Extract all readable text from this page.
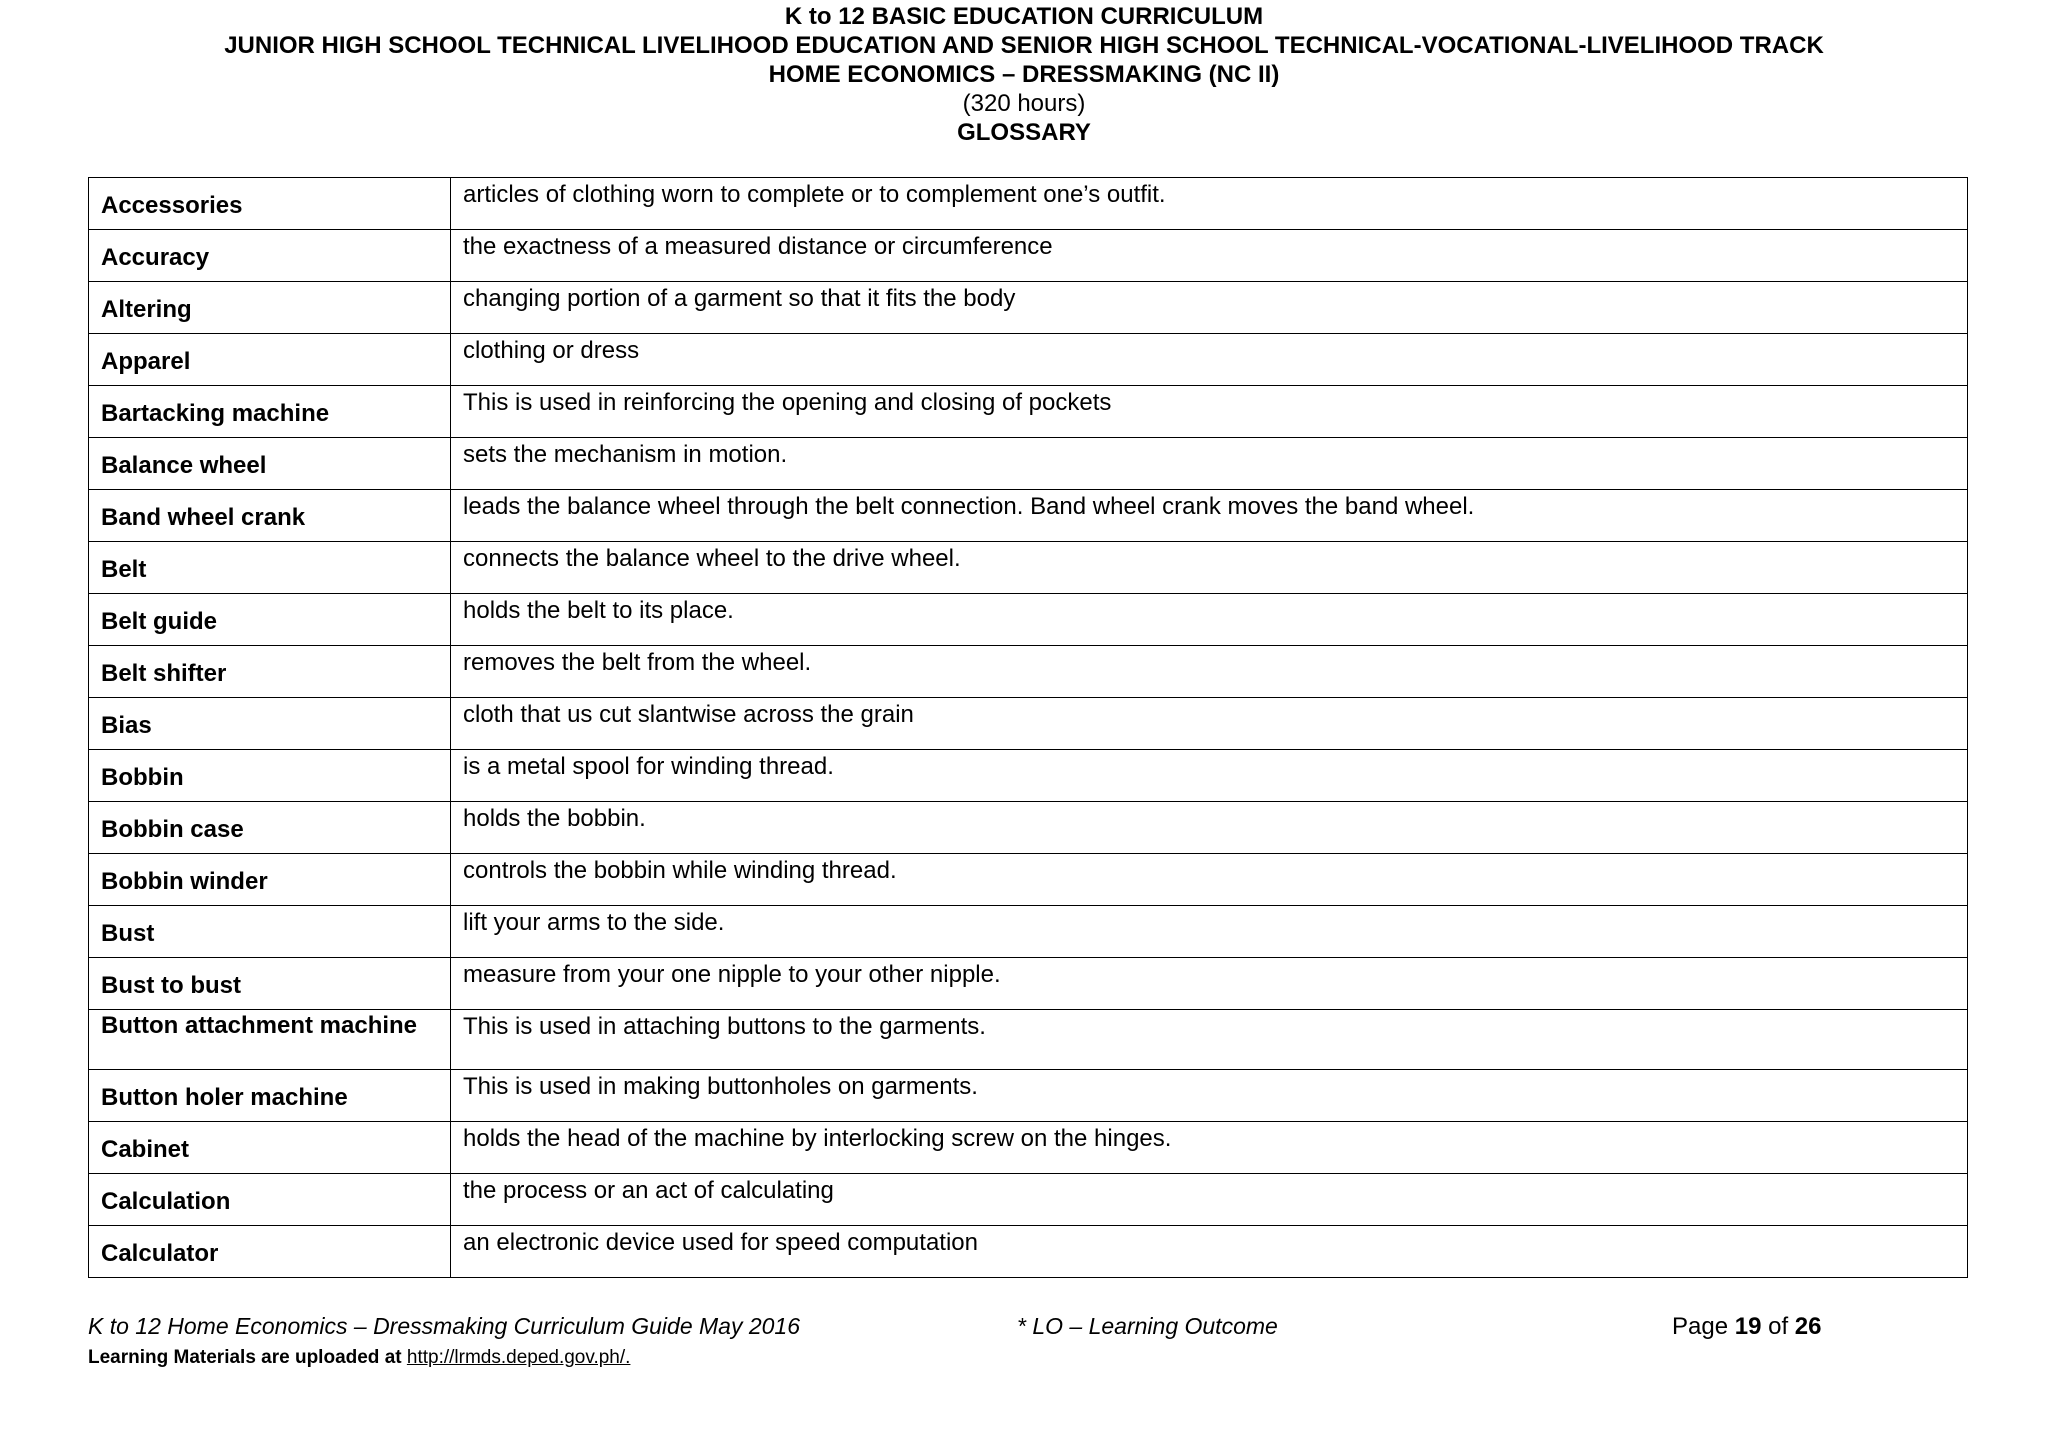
K to 12 BASIC EDUCATION CURRICULUM
JUNIOR HIGH SCHOOL TECHNICAL LIVELIHOOD EDUCATION AND SENIOR HIGH SCHOOL TECHNICAL-VOCATIONAL-LIVELIHOOD TRACK
HOME ECONOMICS – DRESSMAKING (NC II)
(320 hours)
GLOSSARY
Accessories	articles of clothing worn to complete or to complement one’s outfit.
Accuracy	the exactness of a measured distance or circumference
Altering	changing portion of a garment so that it fits the body
Apparel	clothing or dress
Bartacking machine	This is used in reinforcing the opening and closing of pockets
Balance wheel	sets the mechanism in motion.
Band wheel crank	leads the balance wheel through the belt connection. Band wheel crank moves the band wheel.
Belt	connects the balance wheel to the drive wheel.
Belt guide	holds the belt to its place.
Belt shifter	removes the belt from the wheel.
Bias	cloth that us cut slantwise across the grain
Bobbin	is a metal spool for winding thread.
Bobbin case	holds the bobbin.
Bobbin winder	controls the bobbin while winding thread.
Bust	lift your arms to the side.
Bust to bust	measure from your one nipple to your other nipple.
Button attachment machine	This is used in attaching buttons to the garments.
Button holer machine	This is used in making buttonholes on garments.
Cabinet	holds the head of the machine by interlocking screw on the hinges.
Calculation	the process or an act of calculating
Calculator	an electronic device used for speed computation
K to 12 Home Economics – Dressmaking Curriculum Guide May 2016	* LO – Learning Outcome	Page 19 of 26
Learning Materials are uploaded at http://lrmds.deped.gov.ph/.
